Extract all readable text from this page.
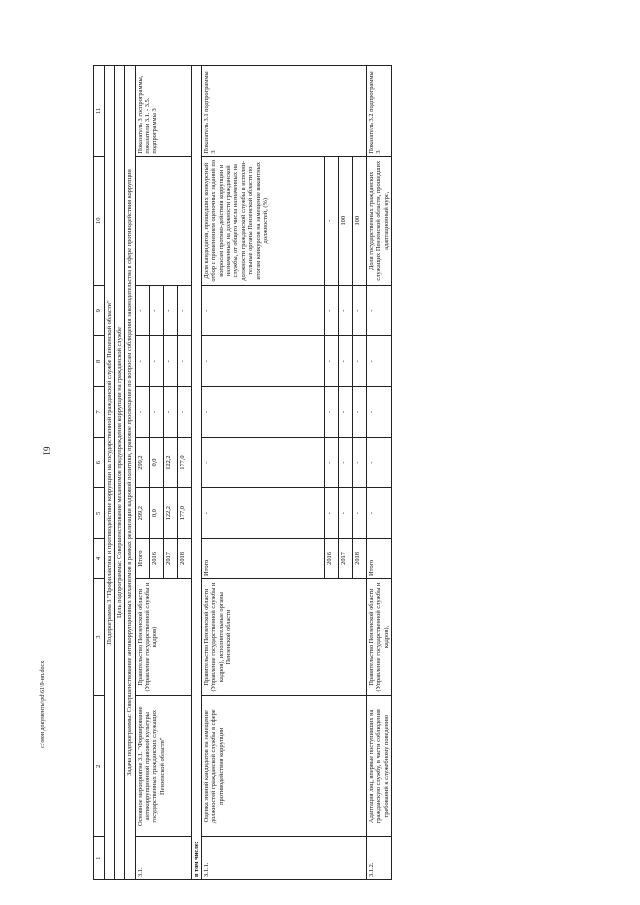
61
1	2	3	4	5	6	7	8	9	10	11
Подпрограмма 3 "Профилактика и противодействие коррупции на государственной гражданской службе Пензенской области"										
Цель подпрограммы: Совершенствование механизмов предупреждения коррупции на гражданской службе										
Задача подпрограммы: Совершенствование антикоррупционных механизмов в рамках реализации кадровой политики, правовое просвещение по вопросам соблюдения законодательства в сфере противодействия коррупции										
3.1.	Основное мероприятие 3.1. "Формирование антикоррупционной правовой культуры государственных гражданских служащих Пензенской области"	Правительство Пензенской области (Управление государственной службы и кадров)	Итого	299,2	299,2	-	-	-		Показатель 3 госпрограммы, показатели 3.1. - 3.5. подпрограммы 3
			2016	0,0	0,0	-	-	-		
			2017	122,2	122,2	-	-	-		
			2018	177,0	177,0	-	-	-		
в том числе:										
3.1.1.	Оценка знаний кандидатов на замещение должностей гражданской службы в сфере противодействия коррупции	Правительство Пензенской области (Управление государственной службы и кадров), исполнительные органы Пензенской области	Итого	-	-	-	-	-	Доля кандидатов, прошедших конкурсный отбор с применением оценочных заданий по вопросам противо-действия коррупции и назначенных на должности гражданской службы, от общего числа назначенных на должности гражданской службы в исполни-тельные органы Пензенской области по итогам конкурсов на замещение вакантных должностей, (%)	Показатель 3.1 подпрограммы 3
			2016	-	-	-	-	-	-	
			2017	-	-	-	-	-	100	
			2018	-	-	-	-	-	100	
3.1.2.	Адаптация лиц, впервые поступивших на гражданскую службу, в части соблюдения требований к служебному поведению	Правительство Пензенской области (Управление государственной службы и кадров),	Итого	-	-	-	-	-	Доля государственных гражданских служащих Пензенской области, прошедших адаптационный курс,	Показатель 3.2 подпрограммы 3
c:\мои документы\pd\61\9-нп.docx
